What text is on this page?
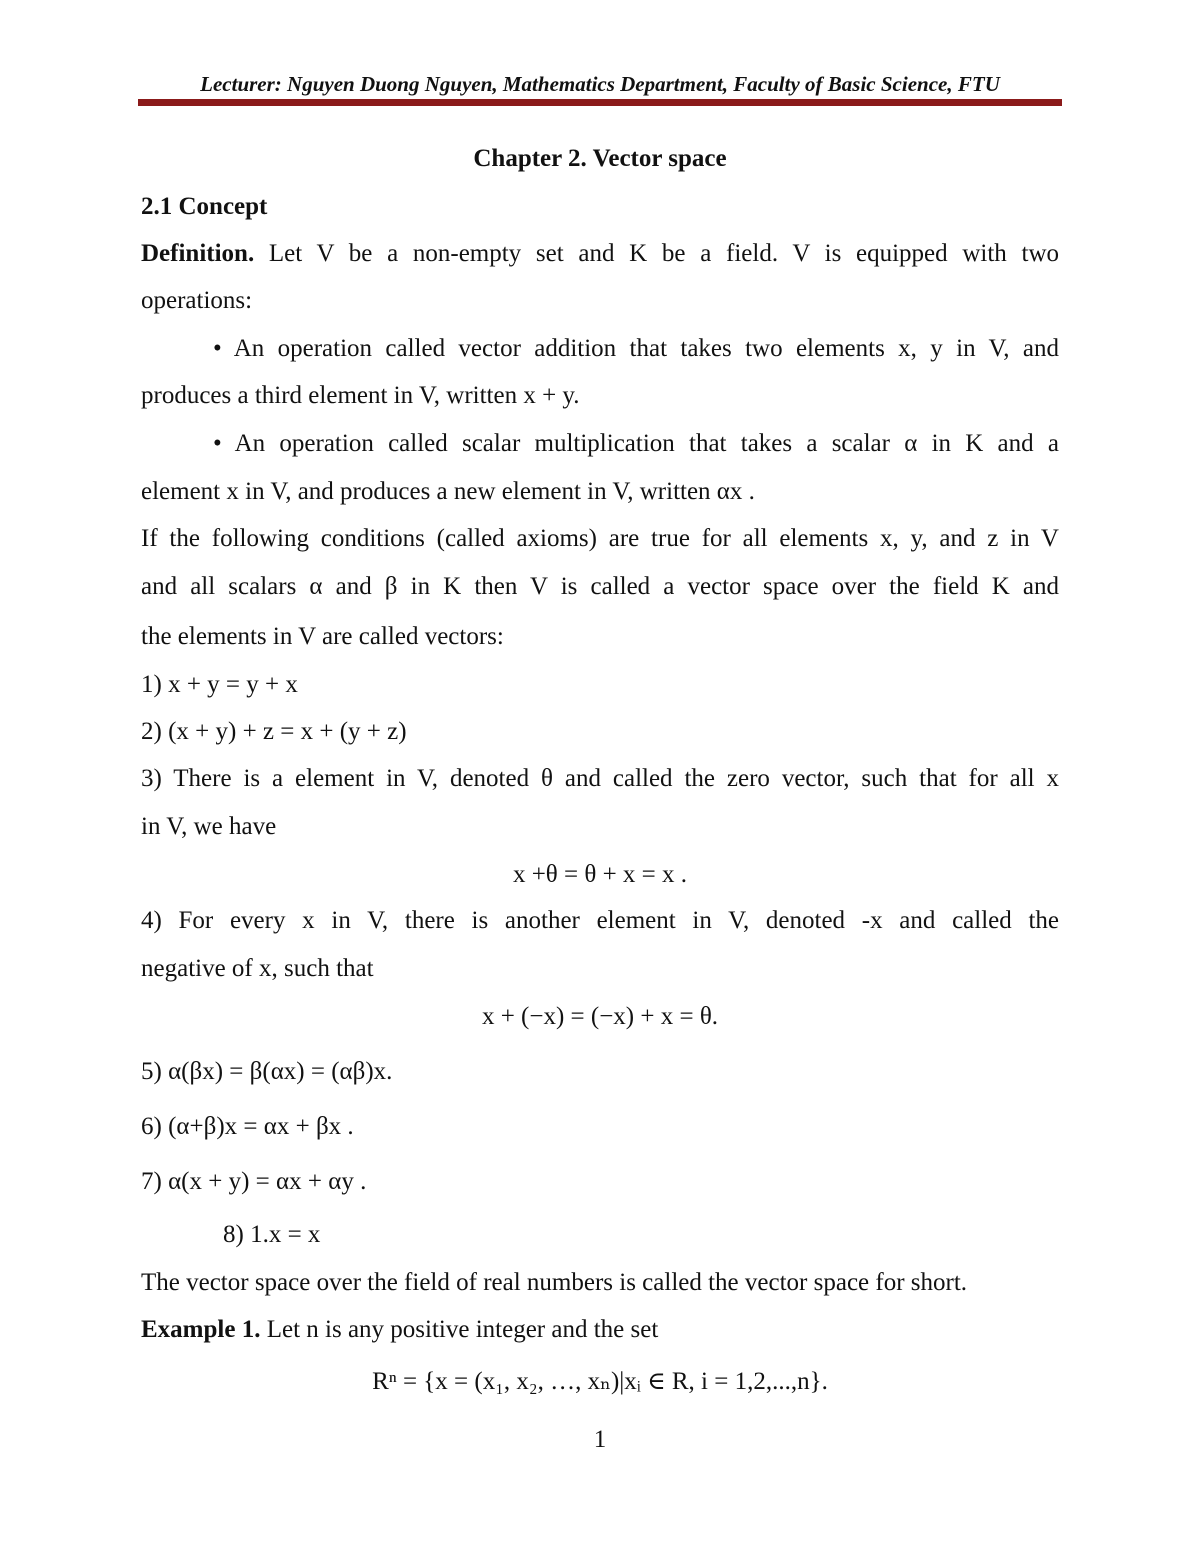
Lecturer: Nguyen Duong Nguyen, Mathematics Department, Faculty of Basic Science, FTU
Chapter 2. Vector space
2.1 Concept
Definition. Let V be a non-empty set and K be a field. V is equipped with two
operations:
• An operation called vector addition that takes two elements x, y in V, and
produces a third element in V, written x + y.
• An operation called scalar multiplication that takes a scalar α in K and a
element x in V, and produces a new element in V, written αx .
If the following conditions (called axioms) are true for all elements x, y, and z in V
and all scalars α and β in K then V is called a vector space over the field K and
the elements in V are called vectors:
1) x + y = y + x
2) (x + y) + z = x + (y + z)
3) There is a element in V, denoted θ and called the zero vector, such that for all x
in V, we have
x +θ = θ + x = x .
4) For every x in V, there is another element in V, denoted -x and called the
negative of x, such that
x + (−x) = (−x) + x = θ.
5) α(βx) = β(αx) = (αβ)x.
6) (α+β)x = αx + βx .
7) α(x + y) = αx + αy .
8) 1.x = x
The vector space over the field of real numbers is called the vector space for short.
Example 1. Let n is any positive integer and the set
Rⁿ = {x = (x₁, x₂, …, xₙ)|xᵢ ∈ R, i = 1,2,...,n}.
1
